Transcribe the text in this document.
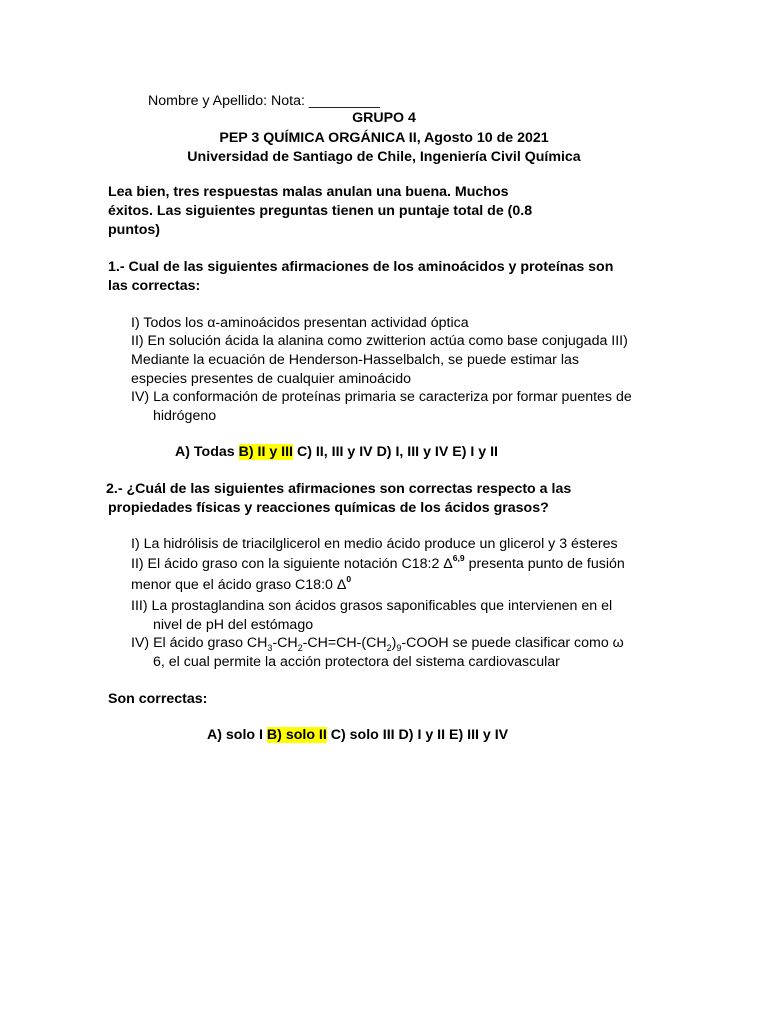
Nombre y Apellido: Nota: _________
GRUPO 4
PEP 3 QUÍMICA ORGÁNICA II, Agosto 10 de 2021
Universidad de Santiago de Chile, Ingeniería Civil Química
Lea bien, tres respuestas malas anulan una buena. Muchos
éxitos. Las siguientes preguntas tienen un puntaje total de (0.8
puntos)
1.- Cual de las siguientes afirmaciones de los aminoácidos y proteínas son
las correctas:
I) Todos los α-aminoácidos presentan actividad óptica
II) En solución ácida la alanina como zwitterion actúa como base conjugada III)
Mediante la ecuación de Henderson-Hasselbalch, se puede estimar las
especies presentes de cualquier aminoácido
IV) La conformación de proteínas primaria se caracteriza por formar puentes de
hidrógeno
A) Todas B) II y III C) II, III y IV D) I, III y IV E) I y II
2.- ¿Cuál de las siguientes afirmaciones son correctas respecto a las
propiedades físicas y reacciones químicas de los ácidos grasos?
I) La hidrólisis de triacilglicerol en medio ácido produce un glicerol y 3 ésteres
II) El ácido graso con la siguiente notación C18:2 Δ$^{6,9}$ presenta punto de fusión
menor que el ácido graso C18:0 $\Delta^0$
III) La prostaglandina son ácidos grasos saponificables que intervienen en el
nivel de pH del estómago
IV) El ácido graso $CH_3-CH_2-CH=CH-(CH_2)_9$-COOH se puede clasificar como ω
6, el cual permite la acción protectora del sistema cardiovascular
Son correctas:
A) solo I B) solo II C) solo III D) I y II E) III y IV
